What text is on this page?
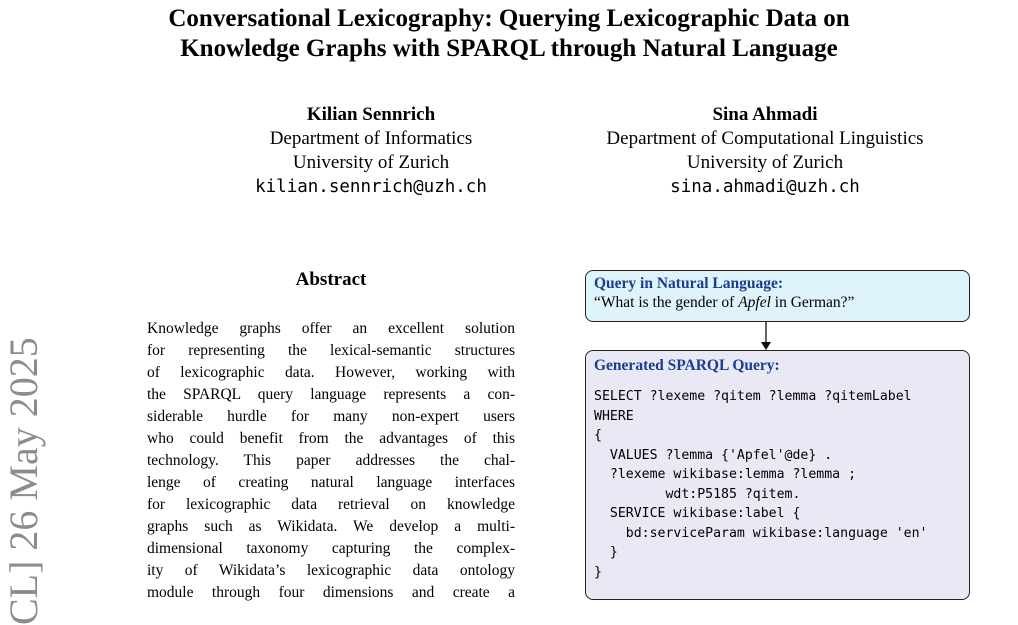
Conversational Lexicography: Querying Lexicographic Data on
Knowledge Graphs with SPARQL through Natural Language
Kilian Sennrich
Department of Informatics
University of Zurich
kilian.sennrich@uzh.ch
Sina Ahmadi
Department of Computational Linguistics
University of Zurich
sina.ahmadi@uzh.ch
CL] 26 May 2025
Abstract
Knowledge graphs offer an excellent solution
for representing the lexical-semantic structures
of lexicographic data. However, working with
the SPARQL query language represents a con-
siderable hurdle for many non-expert users
who could benefit from the advantages of this
technology. This paper addresses the chal-
lenge of creating natural language interfaces
for lexicographic data retrieval on knowledge
graphs such as Wikidata. We develop a multi-
dimensional taxonomy capturing the complex-
ity of Wikidata’s lexicographic data ontology
module through four dimensions and create a
Query in Natural Language:
“What is the gender of Apfel in German?”
Generated SPARQL Query:
SELECT ?lexeme ?qitem ?lemma ?qitemLabel
WHERE
{
VALUES ?lemma {'Apfel'@de} .
?lexeme wikibase:lemma ?lemma ;
wdt:P5185 ?qitem.
SERVICE wikibase:label {
bd:serviceParam wikibase:language 'en'
}
}
